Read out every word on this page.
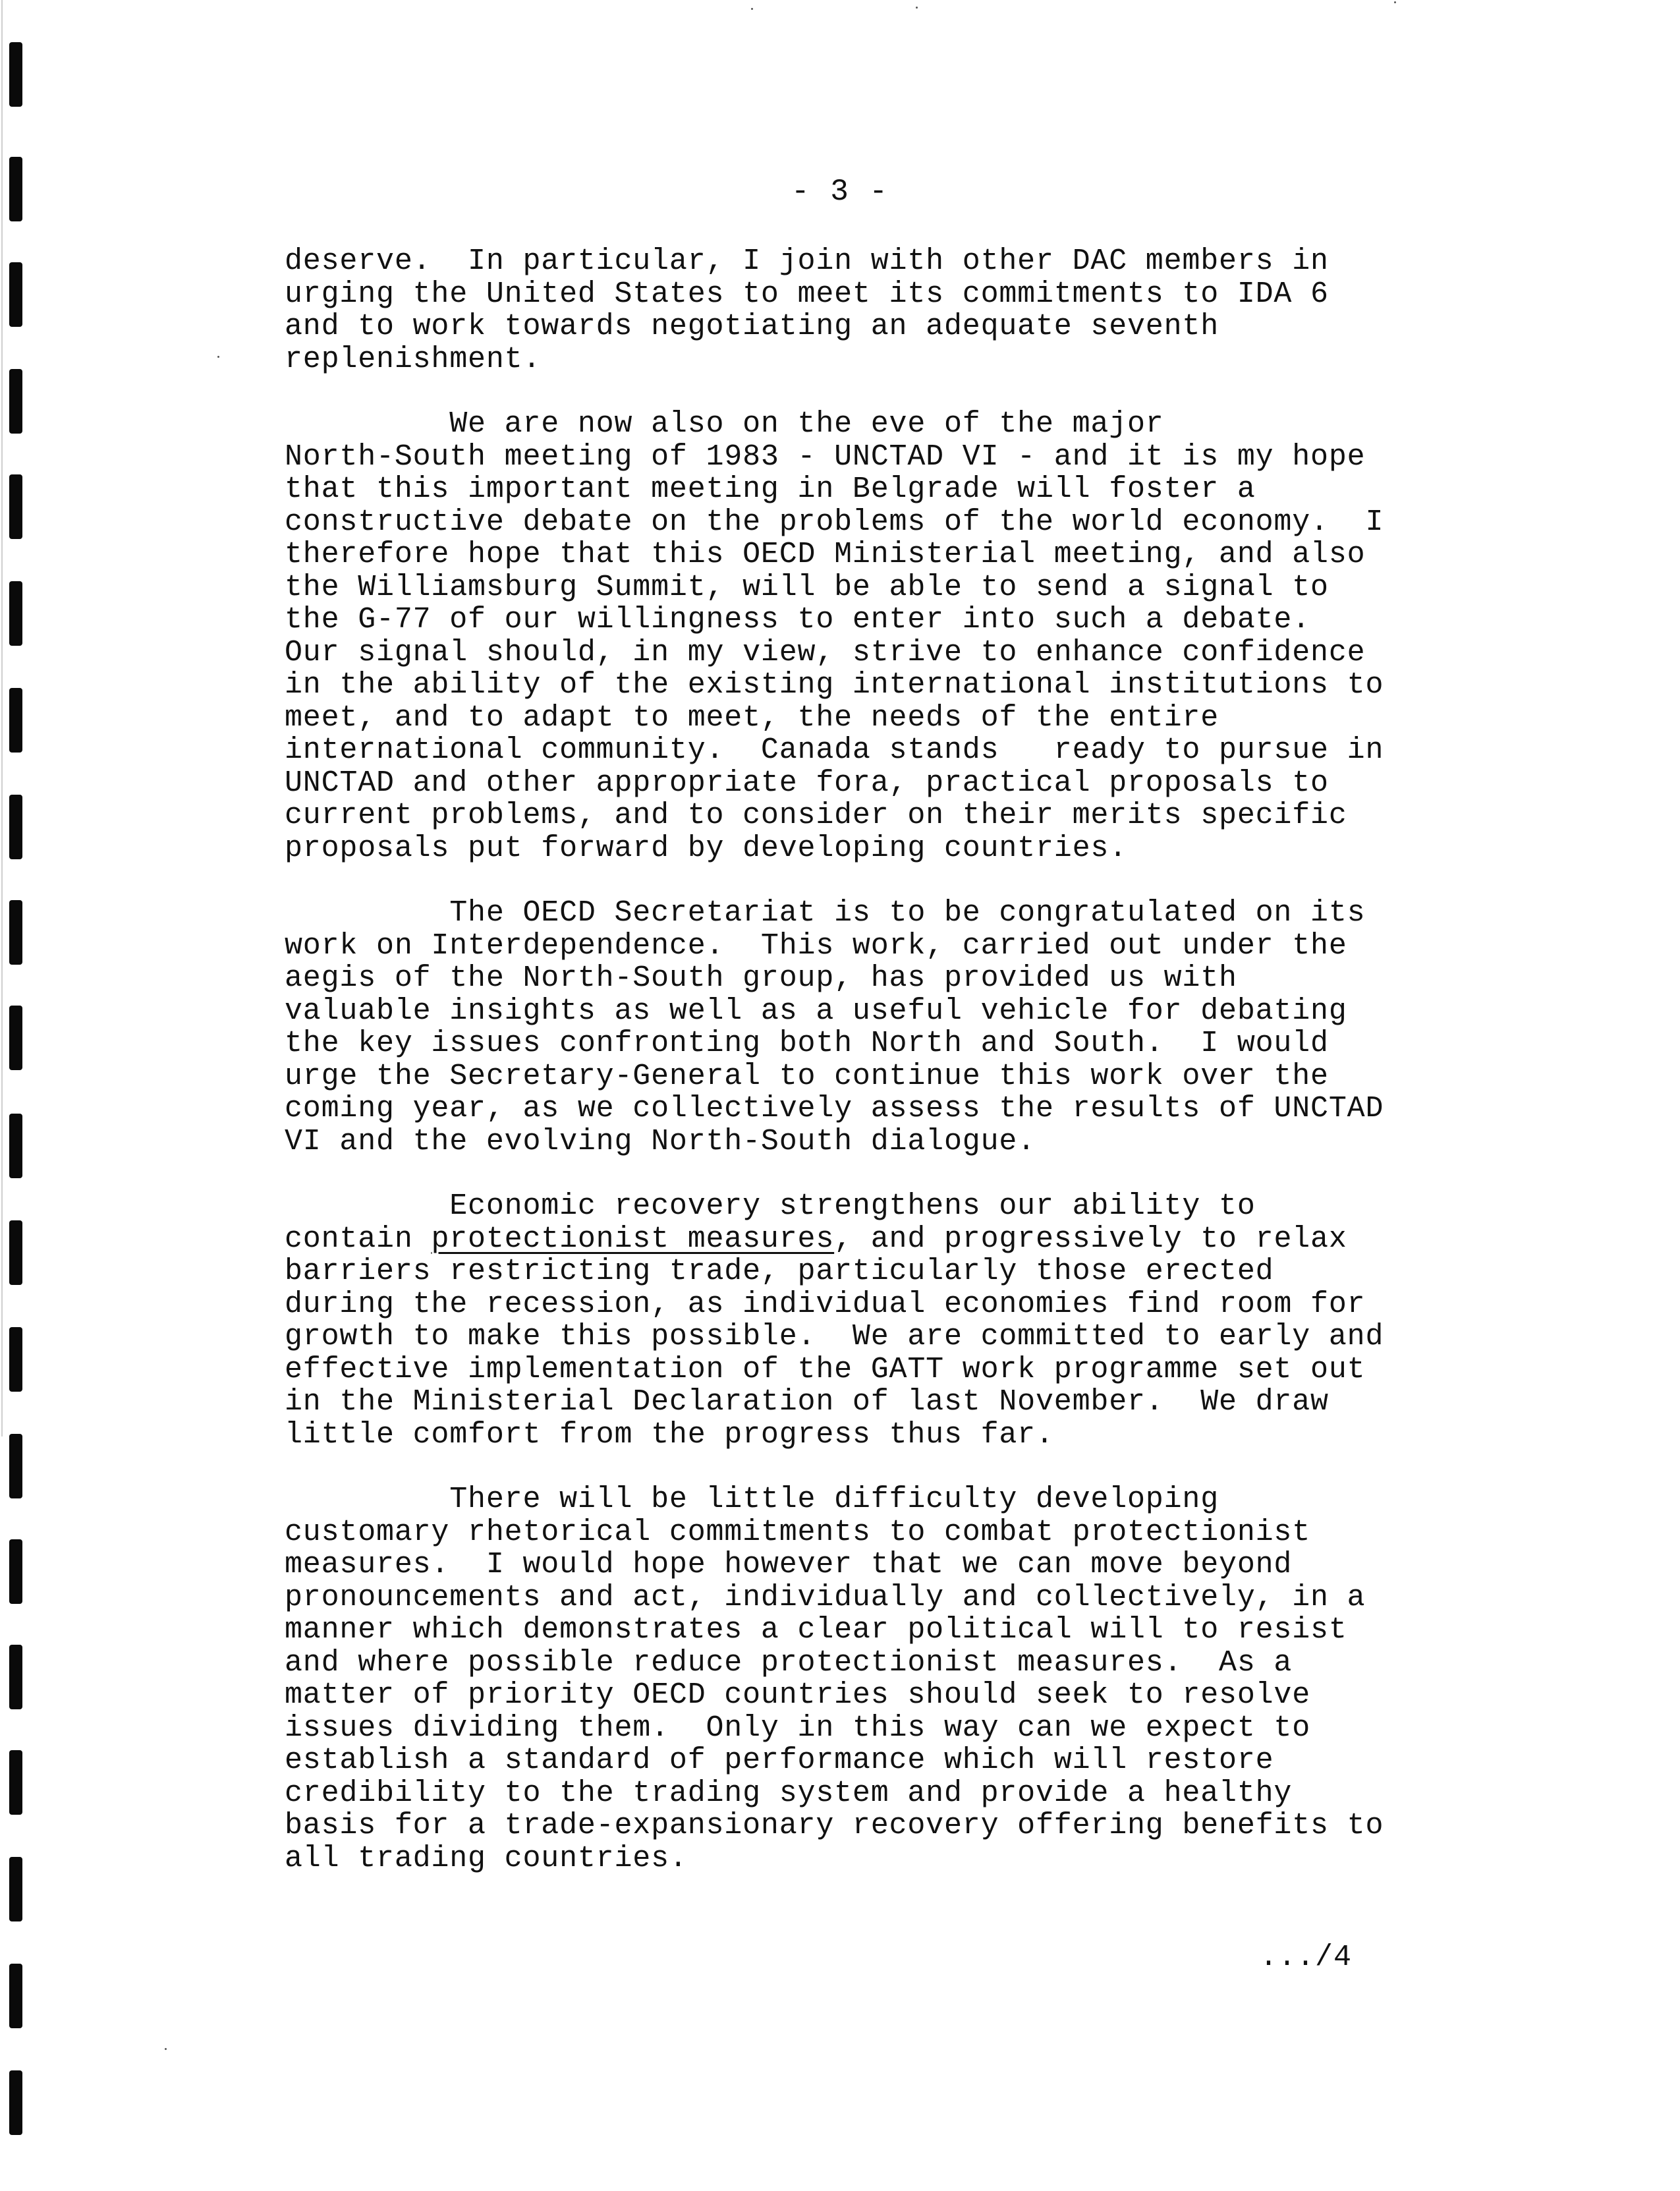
- 3 -
deserve.  In particular, I join with other DAC members in
urging the United States to meet its commitments to IDA 6
and to work towards negotiating an adequate seventh
replenishment.
We are now also on the eve of the major
North-South meeting of 1983 - UNCTAD VI - and it is my hope
that this important meeting in Belgrade will foster a
constructive debate on the problems of the world economy.  I
therefore hope that this OECD Ministerial meeting, and also
the Williamsburg Summit, will be able to send a signal to
the G-77 of our willingness to enter into such a debate.
Our signal should, in my view, strive to enhance confidence
in the ability of the existing international institutions to
meet, and to adapt to meet, the needs of the entire
international community.  Canada stands   ready to pursue in
UNCTAD and other appropriate fora, practical proposals to
current problems, and to consider on their merits specific
proposals put forward by developing countries.
The OECD Secretariat is to be congratulated on its
work on Interdependence.  This work, carried out under the
aegis of the North-South group, has provided us with
valuable insights as well as a useful vehicle for debating
the key issues confronting both North and South.  I would
urge the Secretary-General to continue this work over the
coming year, as we collectively assess the results of UNCTAD
VI and the evolving North-South dialogue.
Economic recovery strengthens our ability to
contain protectionist measures, and progressively to relax
barriers restricting trade, particularly those erected
during the recession, as individual economies find room for
growth to make this possible.  We are committed to early and
effective implementation of the GATT work programme set out
in the Ministerial Declaration of last November.  We draw
little comfort from the progress thus far.
There will be little difficulty developing
customary rhetorical commitments to combat protectionist
measures.  I would hope however that we can move beyond
pronouncements and act, individually and collectively, in a
manner which demonstrates a clear political will to resist
and where possible reduce protectionist measures.  As a
matter of priority OECD countries should seek to resolve
issues dividing them.  Only in this way can we expect to
establish a standard of performance which will restore
credibility to the trading system and provide a healthy
basis for a trade-expansionary recovery offering benefits to
all trading countries.
.../4
